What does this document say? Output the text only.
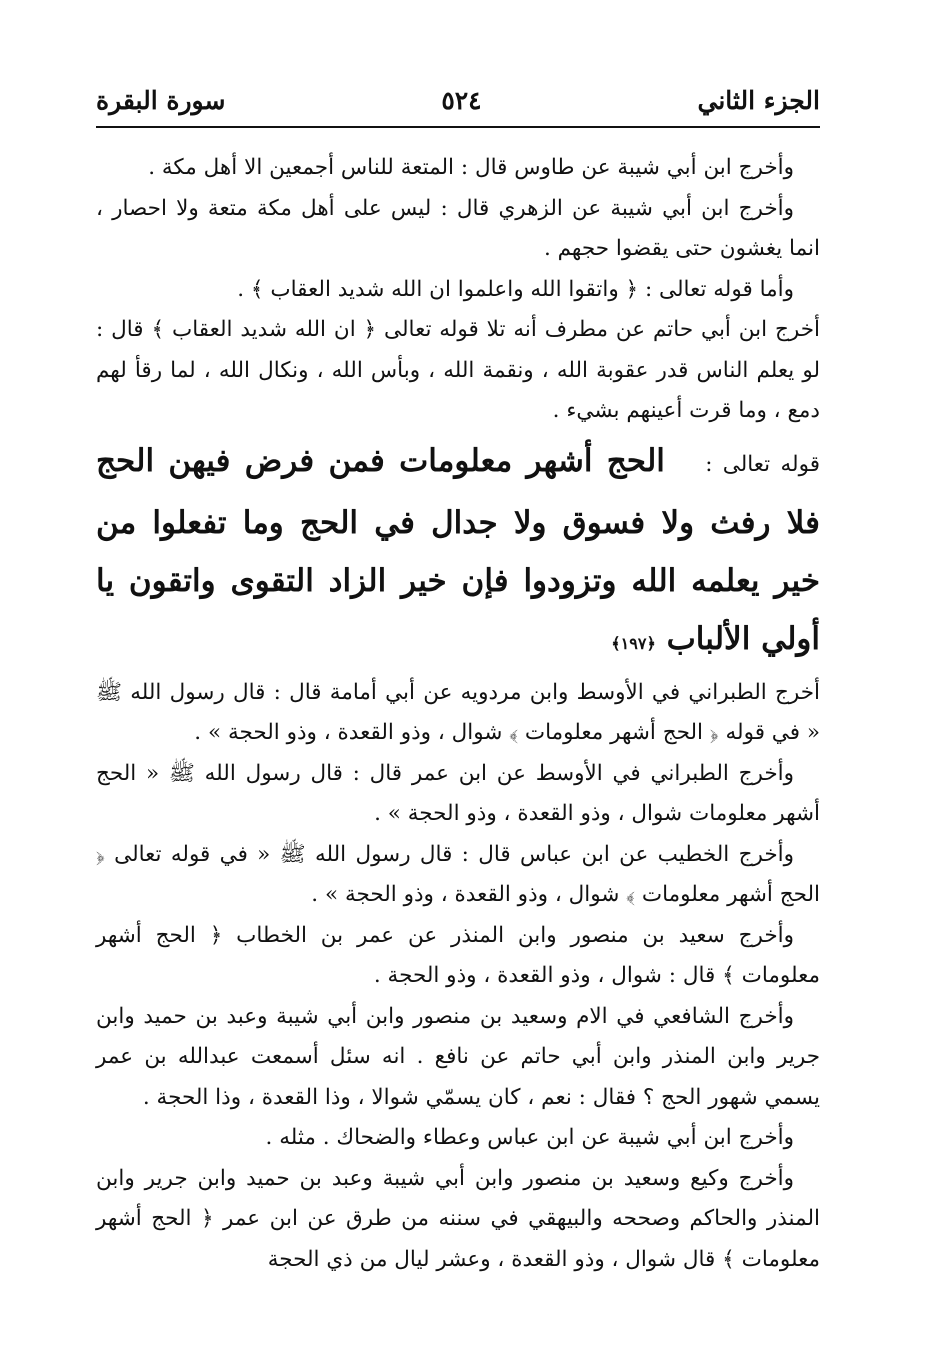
الجزء الثاني
٥٢٤
سورة البقرة

وأخرج ابن أبي شيبة عن طاوس قال : المتعة للناس أجمعين الا أهل مكة .

وأخرج ابن أبي شيبة عن الزهري قال : ليس على أهل مكة متعة ولا احصار ، انما يغشون حتى يقضوا حجهم .

وأما قوله تعالى : ﴿ واتقوا الله واعلموا ان الله شديد العقاب ﴾ .

أخرج ابن أبي حاتم عن مطرف أنه تلا قوله تعالى ﴿ ان الله شديد العقاب ﴾ قال : لو يعلم الناس قدر عقوبة الله ، ونقمة الله ، وبأس الله ، ونكال الله ، لما رقأ لهم دمع ، وما قرت أعينهم بشيء .

قوله تعالى : الحج أشهر معلومات فمن فرض فيهن الحج فلا رفث ولا فسوق ولا جدال في الحج وما تفعلوا من خير يعلمه الله وتزودوا فإن خير الزاد التقوى واتقون يا أولي الألباب ﴿١٩٧﴾

أخرج الطبراني في الأوسط وابن مردويه عن أبي أمامة قال : قال رسول الله ﷺ « في قوله ﴿ الحج أشهر معلومات ﴾ شوال ، وذو القعدة ، وذو الحجة » .

وأخرج الطبراني في الأوسط عن ابن عمر قال : قال رسول الله ﷺ « الحج أشهر معلومات شوال ، وذو القعدة ، وذو الحجة » .

وأخرج الخطيب عن ابن عباس قال : قال رسول الله ﷺ « في قوله تعالى ﴿ الحج أشهر معلومات ﴾ شوال ، وذو القعدة ، وذو الحجة » .

وأخرج سعيد بن منصور وابن المنذر عن عمر بن الخطاب ﴿ الحج أشهر معلومات ﴾ قال : شوال ، وذو القعدة ، وذو الحجة .

وأخرج الشافعي في الام وسعيد بن منصور وابن أبي شيبة وعبد بن حميد وابن جرير وابن المنذر وابن أبي حاتم عن نافع . انه سئل أسمعت عبدالله بن عمر يسمي شهور الحج ؟ فقال : نعم ، كان يسمّي شوالا ، وذا القعدة ، وذا الحجة .

وأخرج ابن أبي شيبة عن ابن عباس وعطاء والضحاك . مثله .

وأخرج وكيع وسعيد بن منصور وابن أبي شيبة وعبد بن حميد وابن جرير وابن المنذر والحاكم وصححه والبيهقي في سننه من طرق عن ابن عمر ﴿ الحج أشهر معلومات ﴾ قال شوال ، وذو القعدة ، وعشر ليال من ذي الحجة
